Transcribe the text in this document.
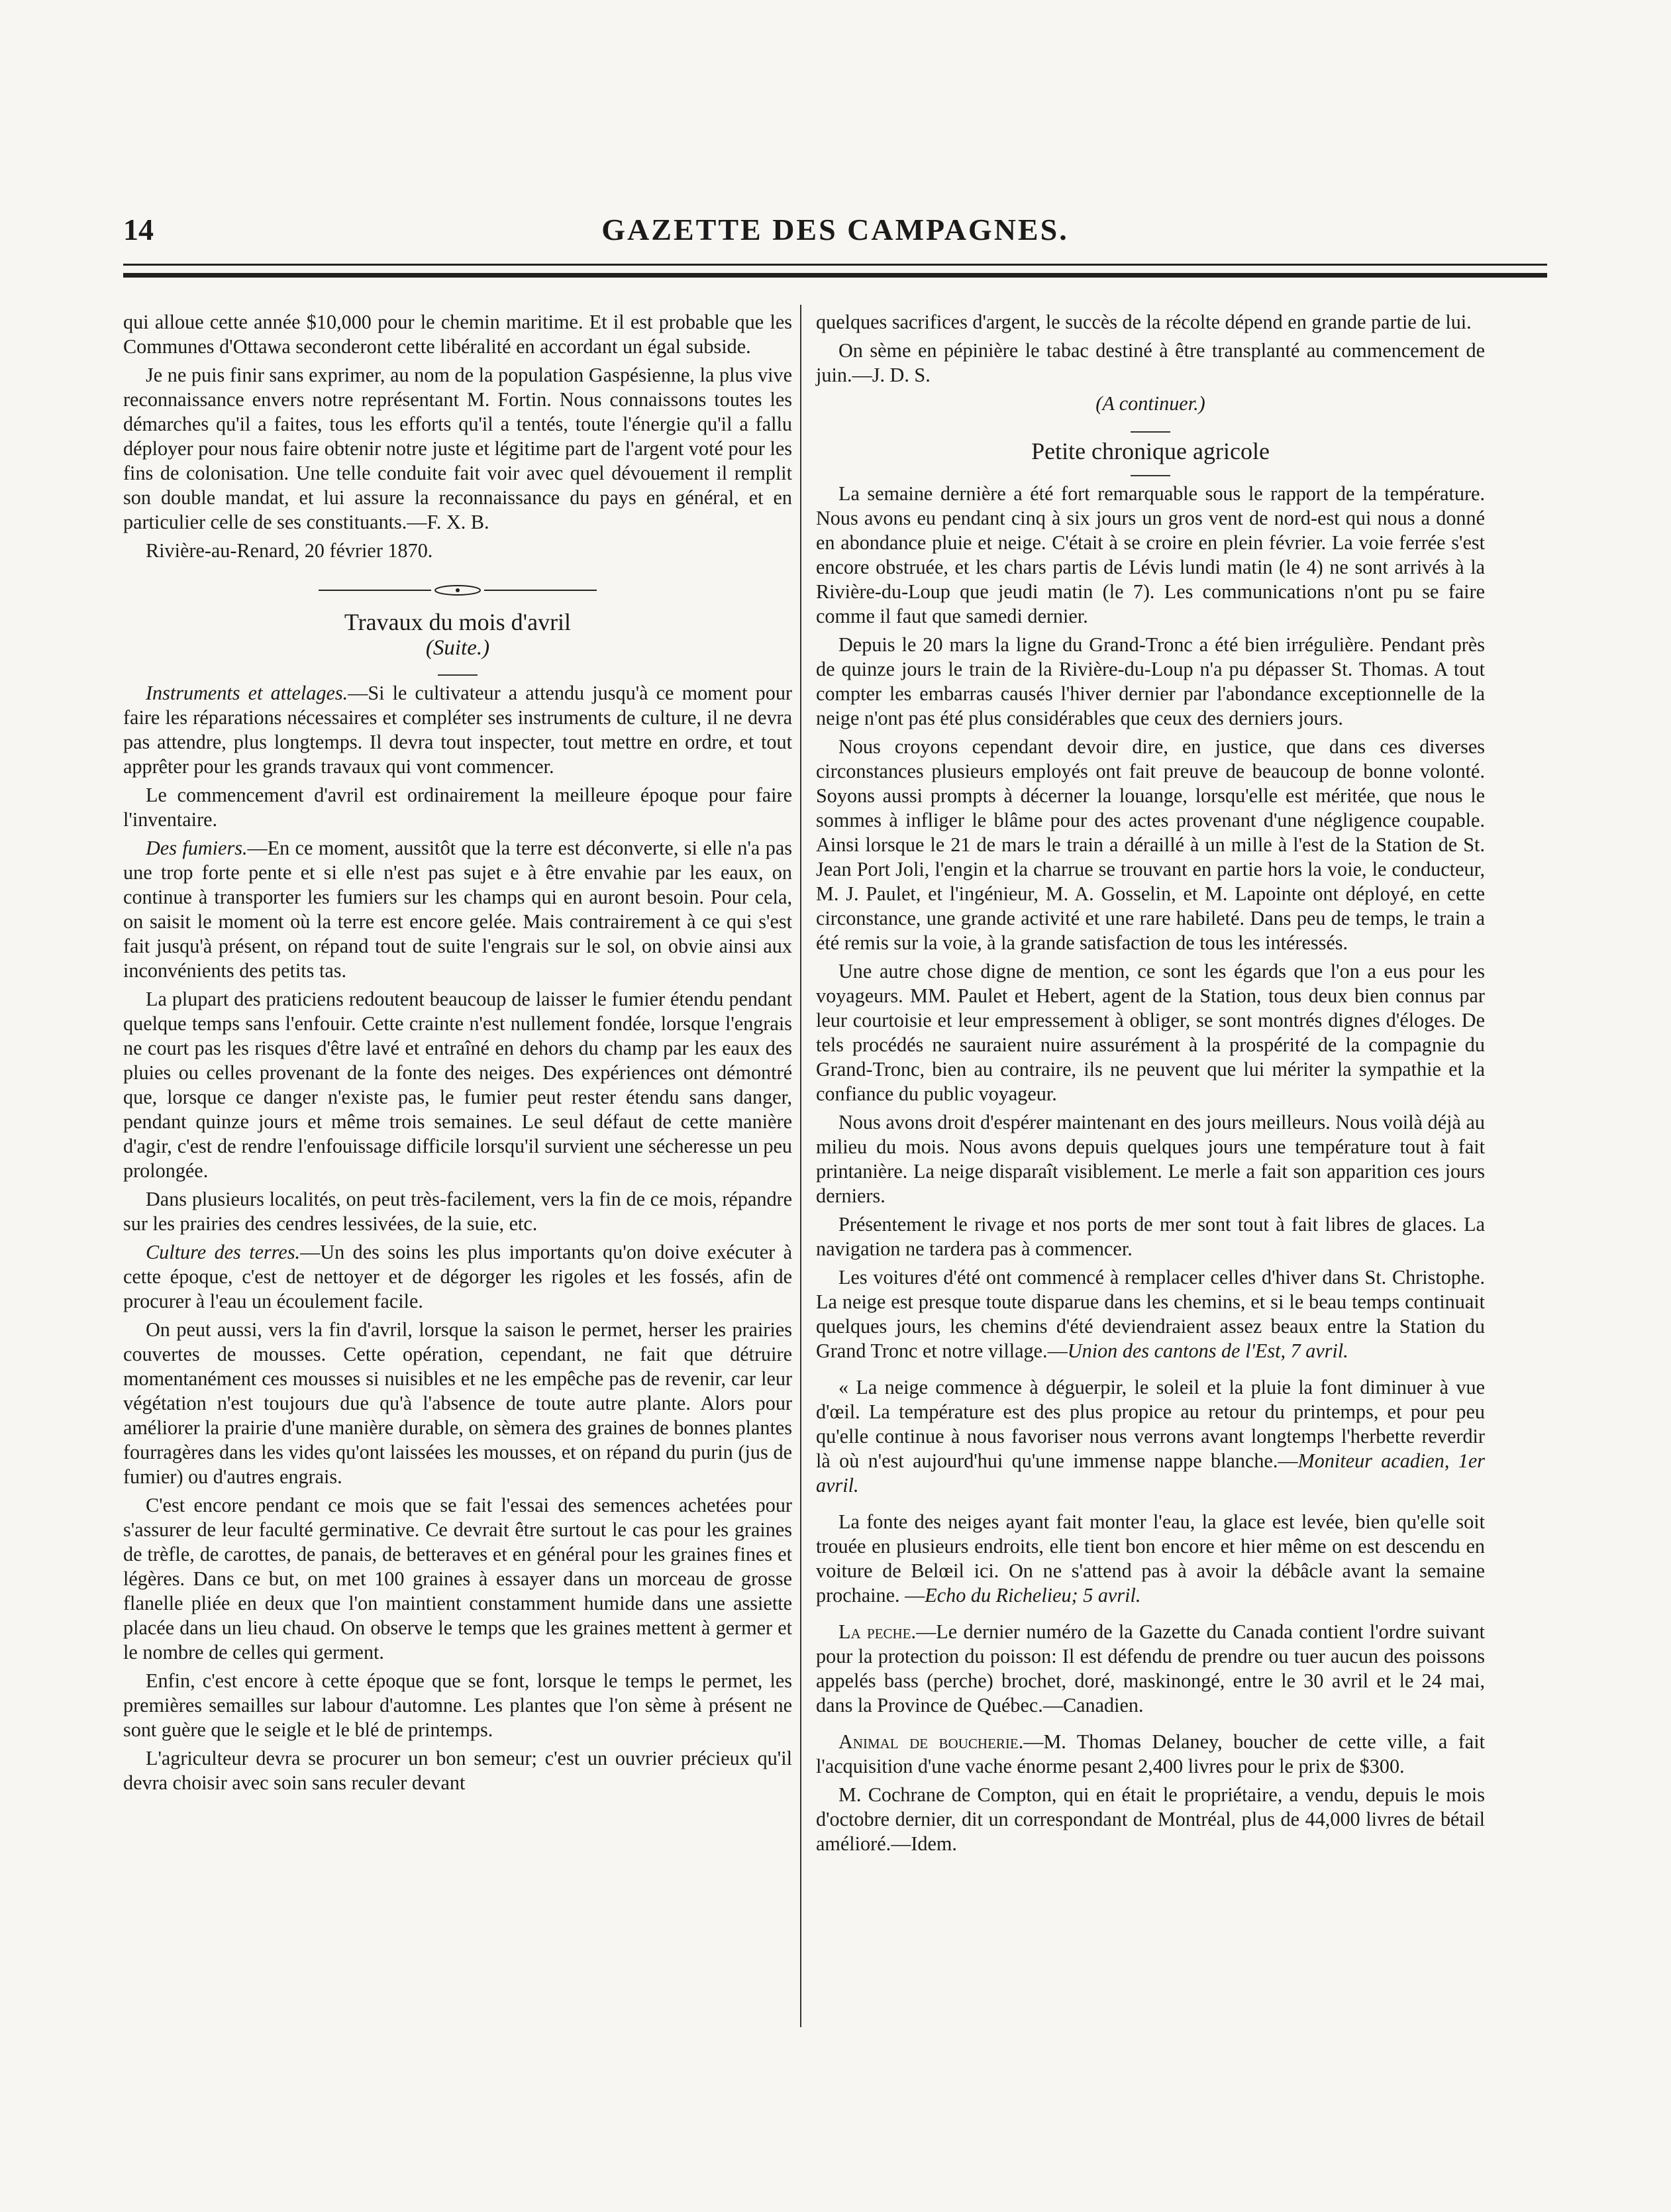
14	GAZETTE DES CAMPAGNES.

qui alloue cette année $10,000 pour le chemin maritime. Et il est probable que les Communes d'Ottawa seconderont cette libéralité en accordant un égal subside.

Je ne puis finir sans exprimer, au nom de la population Gaspésienne, la plus vive reconnaissance envers notre représentant M. Fortin. Nous connaissons toutes les démarches qu'il a faites, tous les efforts qu'il a tentés, toute l'énergie qu'il a fallu déployer pour nous faire obtenir notre juste et légitime part de l'argent voté pour les fins de colonisation. Une telle conduite fait voir avec quel dévouement il remplit son double mandat, et lui assure la reconnaissance du pays en général, et en particulier celle de ses constituants.—F. X. B.

Rivière-au-Renard, 20 février 1870.

Travaux du mois d'avril

(Suite.)

Instruments et attelages.—Si le cultivateur a attendu jusqu'à ce moment pour faire les réparations nécessaires et compléter ses instruments de culture, il ne devra pas attendre, plus longtemps. Il devra tout inspecter, tout mettre en ordre, et tout apprêter pour les grands travaux qui vont commencer.

Le commencement d'avril est ordinairement la meilleure époque pour faire l'inventaire.

Des fumiers.—En ce moment, aussitôt que la terre est déconverte, si elle n'a pas une trop forte pente et si elle n'est pas sujet e à être envahie par les eaux, on continue à transporter les fumiers sur les champs qui en auront besoin. Pour cela, on saisit le moment où la terre est encore gelée. Mais contrairement à ce qui s'est fait jusqu'à présent, on répand tout de suite l'engrais sur le sol, on obvie ainsi aux inconvénients des petits tas.

La plupart des praticiens redoutent beaucoup de laisser le fumier étendu pendant quelque temps sans l'enfouir. Cette crainte n'est nullement fondée, lorsque l'engrais ne court pas les risques d'être lavé et entraîné en dehors du champ par les eaux des pluies ou celles provenant de la fonte des neiges. Des expériences ont démontré que, lorsque ce danger n'existe pas, le fumier peut rester étendu sans danger, pendant quinze jours et même trois semaines. Le seul défaut de cette manière d'agir, c'est de rendre l'enfouissage difficile lorsqu'il survient une sécheresse un peu prolongée.

Dans plusieurs localités, on peut très-facilement, vers la fin de ce mois, répandre sur les prairies des cendres lessivées, de la suie, etc.

Culture des terres.—Un des soins les plus importants qu'on doive exécuter à cette époque, c'est de nettoyer et de dégorger les rigoles et les fossés, afin de procurer à l'eau un écoulement facile.

On peut aussi, vers la fin d'avril, lorsque la saison le permet, herser les prairies couvertes de mousses. Cette opération, cependant, ne fait que détruire momentanément ces mousses si nuisibles et ne les empêche pas de revenir, car leur végétation n'est toujours due qu'à l'absence de toute autre plante. Alors pour améliorer la prairie d'une manière durable, on sèmera des graines de bonnes plantes fourragères dans les vides qu'ont laissées les mousses, et on répand du purin (jus de fumier) ou d'autres engrais.

C'est encore pendant ce mois que se fait l'essai des semences achetées pour s'assurer de leur faculté germinative. Ce devrait être surtout le cas pour les graines de trèfle, de carottes, de panais, de betteraves et en général pour les graines fines et légères. Dans ce but, on met 100 graines à essayer dans un morceau de grosse flanelle pliée en deux que l'on maintient constamment humide dans une assiette placée dans un lieu chaud. On observe le temps que les graines mettent à germer et le nombre de celles qui germent.

Enfin, c'est encore à cette époque que se font, lorsque le temps le permet, les premières semailles sur labour d'automne. Les plantes que l'on sème à présent ne sont guère que le seigle et le blé de printemps.

L'agriculteur devra se procurer un bon semeur; c'est un ouvrier précieux qu'il devra choisir avec soin sans reculer devant

quelques sacrifices d'argent, le succès de la récolte dépend en grande partie de lui.

On sème en pépinière le tabac destiné à être transplanté au commencement de juin.—J. D. S.

(A continuer.)

Petite chronique agricole

La semaine dernière a été fort remarquable sous le rapport de la température. Nous avons eu pendant cinq à six jours un gros vent de nord-est qui nous a donné en abondance pluie et neige. C'était à se croire en plein février. La voie ferrée s'est encore obstruée, et les chars partis de Lévis lundi matin (le 4) ne sont arrivés à la Rivière-du-Loup que jeudi matin (le 7). Les communications n'ont pu se faire comme il faut que samedi dernier.

Depuis le 20 mars la ligne du Grand-Tronc a été bien irrégulière. Pendant près de quinze jours le train de la Rivière-du-Loup n'a pu dépasser St. Thomas. A tout compter les embarras causés l'hiver dernier par l'abondance exceptionnelle de la neige n'ont pas été plus considérables que ceux des derniers jours.

Nous croyons cependant devoir dire, en justice, que dans ces diverses circonstances plusieurs employés ont fait preuve de beaucoup de bonne volonté. Soyons aussi prompts à décerner la louange, lorsqu'elle est méritée, que nous le sommes à infliger le blâme pour des actes provenant d'une négligence coupable. Ainsi lorsque le 21 de mars le train a déraillé à un mille à l'est de la Station de St. Jean Port Joli, l'engin et la charrue se trouvant en partie hors la voie, le conducteur, M. J. Paulet, et l'ingénieur, M. A. Gosselin, et M. Lapointe ont déployé, en cette circonstance, une grande activité et une rare habileté. Dans peu de temps, le train a été remis sur la voie, à la grande satisfaction de tous les intéressés.

Une autre chose digne de mention, ce sont les égards que l'on a eus pour les voyageurs. MM. Paulet et Hebert, agent de la Station, tous deux bien connus par leur courtoisie et leur empressement à obliger, se sont montrés dignes d'éloges. De tels procédés ne sauraient nuire assurément à la prospérité de la compagnie du Grand-Tronc, bien au contraire, ils ne peuvent que lui mériter la sympathie et la confiance du public voyageur.

Nous avons droit d'espérer maintenant en des jours meilleurs. Nous voilà déjà au milieu du mois. Nous avons depuis quelques jours une température tout à fait printanière. La neige disparaît visiblement. Le merle a fait son apparition ces jours derniers.

Présentement le rivage et nos ports de mer sont tout à fait libres de glaces. La navigation ne tardera pas à commencer.

Les voitures d'été ont commencé à remplacer celles d'hiver dans St. Christophe. La neige est presque toute disparue dans les chemins, et si le beau temps continuait quelques jours, les chemins d'été deviendraient assez beaux entre la Station du Grand Tronc et notre village.—Union des cantons de l'Est, 7 avril.

« La neige commence à déguerpir, le soleil et la pluie la font diminuer à vue d'œil. La température est des plus propice au retour du printemps, et pour peu qu'elle continue à nous favoriser nous verrons avant longtemps l'herbette reverdir là où n'est aujourd'hui qu'une immense nappe blanche.—Moniteur acadien, 1er avril.

La fonte des neiges ayant fait monter l'eau, la glace est levée, bien qu'elle soit trouée en plusieurs endroits, elle tient bon encore et hier même on est descendu en voiture de Belœil ici. On ne s'attend pas à avoir la débâcle avant la semaine prochaine. —Echo du Richelieu; 5 avril.

La peche.—Le dernier numéro de la Gazette du Canada contient l'ordre suivant pour la protection du poisson: Il est défendu de prendre ou tuer aucun des poissons appelés bass (perche) brochet, doré, maskinongé, entre le 30 avril et le 24 mai, dans la Province de Québec.—Canadien.

Animal de boucherie.—M. Thomas Delaney, boucher de cette ville, a fait l'acquisition d'une vache énorme pesant 2,400 livres pour le prix de $300.

M. Cochrane de Compton, qui en était le propriétaire, a vendu, depuis le mois d'octobre dernier, dit un correspondant de Montréal, plus de 44,000 livres de bétail amélioré.—Idem.
